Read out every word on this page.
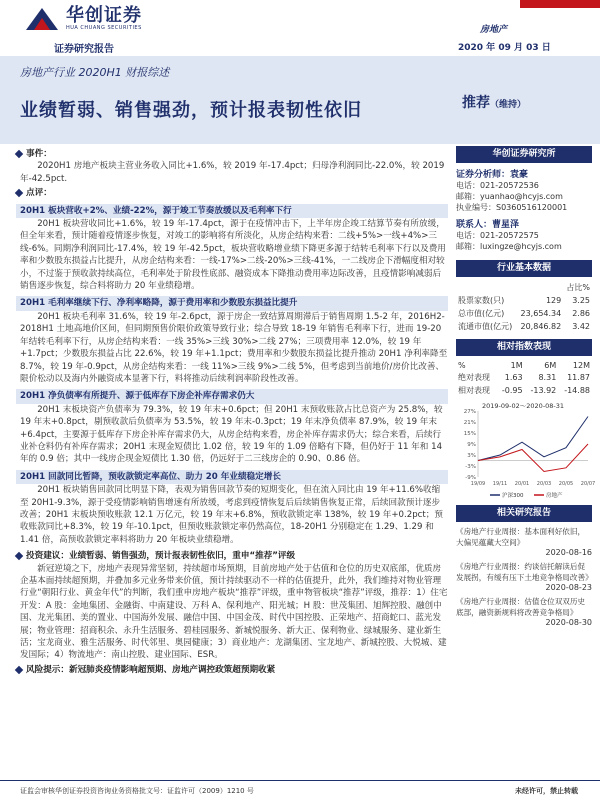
华创证券
HUA CHUANG SECURITIES
证券研究报告
房地产
2020 年 09 月 03 日
房地产行业 2020H1 财报综述
业绩暂弱、销售强劲，预计报表韧性依旧	推荐（维持）
事件：
2020H1 房地产板块主营业务收入同比+1.6%，较 2019 年-17.4pct；归母净利润同比-22.0%，较 2019 年-42.5pct.
点评：
20H1 板块营收+2%、业绩-22%，源于竣工节奏放缓以及毛利率下行
20H1 板块营收同比+1.6%，较 19 年-17.4pct，源于在疫情冲击下，上半年房企竣工结算节奏有所放缓，但全年来看，预计随着疫情逐步恢复，对竣工的影响将有所淡化，从房企结构来看：二线+5%>一线+4%>三线-6%。同期净利润同比-17.4%，较 19 年-42.5pct，板块营收略增业绩下降更多源于结转毛利率下行以及费用率和少数股东损益占比提升，从房企结构来看：一线-17%>二线-20%>三线-41%，一二线房企下滑幅度相对较小，不过鉴于预收款持续高位，毛利率处于阶段性底部、融资成本下降推动费用率边际改善，且疫情影响减弱后销售逐步恢复，综合料将助力 20 年业绩稳增。
20H1 毛利率继续下行、净利率略降，源于费用率和少数股东损益比提升
20H1 板块毛利率 31.6%，较 19 年-2.6pct，源于房企一致结算周期滞后于销售周期 1.5-2 年，2016H2-2018H1 土地高地价区间，但同期预售价限价政策导致行业；综合导致 18-19 年销售毛利率下行，进而 19-20 年结转毛利率下行，从房企结构来看：一线 35%>三线 30%>二线 27%；三项费用率 12.0%，较 19 年+1.7pct；少数股东损益占比 22.6%，较 19 年+1.1pct；费用率和少数股东损益比提升推动 20H1 净利率降至 8.7%，较 19 年-0.9pct，从房企结构来看：一线 11%>三线 9%>二线 5%，但考虑到当前地价/房价比改善、限价松动以及海内外融资成本显著下行，料将推动后续利润率阶段性改善。
20H1 净负债率有所提升、源于低库存下房企补库存需求仍大
20H1 末板块资产负债率为 79.3%，较 19 年末+0.6pct；但 20H1 末预收账款占比总资产为 25.8%，较 19 年末+0.8pct，剔预收款后负债率为 53.5%，较 19 年末-0.3pct；19 年末净负债率 87.9%，较 19 年末+6.4pct，主要源于低库存下房企补库存需求仍大，从房企结构来看，房企补库存需求仍大；综合来看，后续行业补仓料仍有补库存需求；20H1 末现金短债比 1.02 倍，较 19 年的 1.09 倍略有下降，但仍好于 11 年和 14 年的 0.9 倍；其中一线房企现金短债比 1.30 倍，仍远好于二三线房企的 0.90、0.86 倍。
20H1 回款同比暂降，预收款锁定率高位、助力 20 年业绩稳定增长
20H1 板块销售回款同比明显下降，表观为销售回款节奏的短期变化，但在流入同比由 19 年+11.6%收缩至 20H1-9.3%，源于受疫情影响销售增速有所放缓，考虑到疫情恢复后后续销售恢复正常，后续回款预计逐步改善；20H1 末板块预收账款 12.1 万亿元，较 19 年末+6.8%，预收款锁定率 138%，较 19 年+0.2pct；预收账款同比+8.3%，较 19 年-10.1pct，但预收账款锁定率仍然高位，18-20H1 分别稳定在 1.29、1.29 和 1.41 倍，高预收款锁定率料将助力 20 年板块业绩稳增。
投资建议：业绩暂弱、销售强劲，预计报表韧性依旧，重申“推荐”评级
新冠逆境之下，房地产表现异常坚韧，持续超市场预期，目前房地产处于估值和仓位的历史双底部，优质房企基本面持续超预期，并叠加多元业务带来价值，预计持续驱动不一样的估值提升，此外，我们维持对物业管理行业“朝阳行业、黄金年代”的判断，我们重申房地产板块“推荐”评级，重申物管板块“推荐”评级，推荐：1）住宅开发：A 股：金地集团、金融街、中南建设、万科 A、保利地产、阳光城；H 股：世茂集团、旭辉控股、融创中国、龙光集团、美的置业、中国海外发展、融信中国、中国金茂、时代中国控股、正荣地产、招商蛇口、蓝光发展；物业管理：招商积余、永升生活服务、碧桂园服务、新城悦服务、新大正、保利物业、绿城服务、建业新生活；宝龙商业、雅生活服务、时代邻里、奥园健康；3）商业地产：龙湖集团、宝龙地产、新城控股、大悦城、建发国际；4）物流地产：南山控股、建业国际、ESR。
风险提示： 新冠肺炎疫情影响超预期、房地产调控政策超预期收紧
华创证券研究所
证券分析师：袁豪
电话：021-20572536
邮箱：yuanhao@hcyjs.com
执业编号：S0360516120001
联系人：曹星泽
电话：021-20572575
邮箱：luxingze@hcyjs.com
行业基本数据
		占比%
股票家数(只)	129	3.25
总市值(亿元)	23,654.34	2.86
流通市值(亿元)	20,846.82	3.42
相对指数表现
%	1M	6M	12M
绝对表现	1.63	8.31	11.87
相对表现	-0.95	-13.92	-14.88
2019-09-02～2020-08-31
27%
21%
15%
9%
3%
-3%
-9%
19/09 19/11 20/01 20/03 20/05 20/07
沪深300	房地产
相关研究报告
《房地产行业周报：基本面利好依旧，大偏见蕴藏大空间》
2020-08-16
《房地产行业周报：约谈信托解读后促发展拐，有缓有压下土地竞争格局改善》
2020-08-23
《房地产行业周报：估值仓位双双历史底部，融资新规料将改善竞争格局》
2020-08-30
证监会审核华创证券投资咨询业务资格批文号：证监许可（2009）1210 号	未经许可，禁止转载
